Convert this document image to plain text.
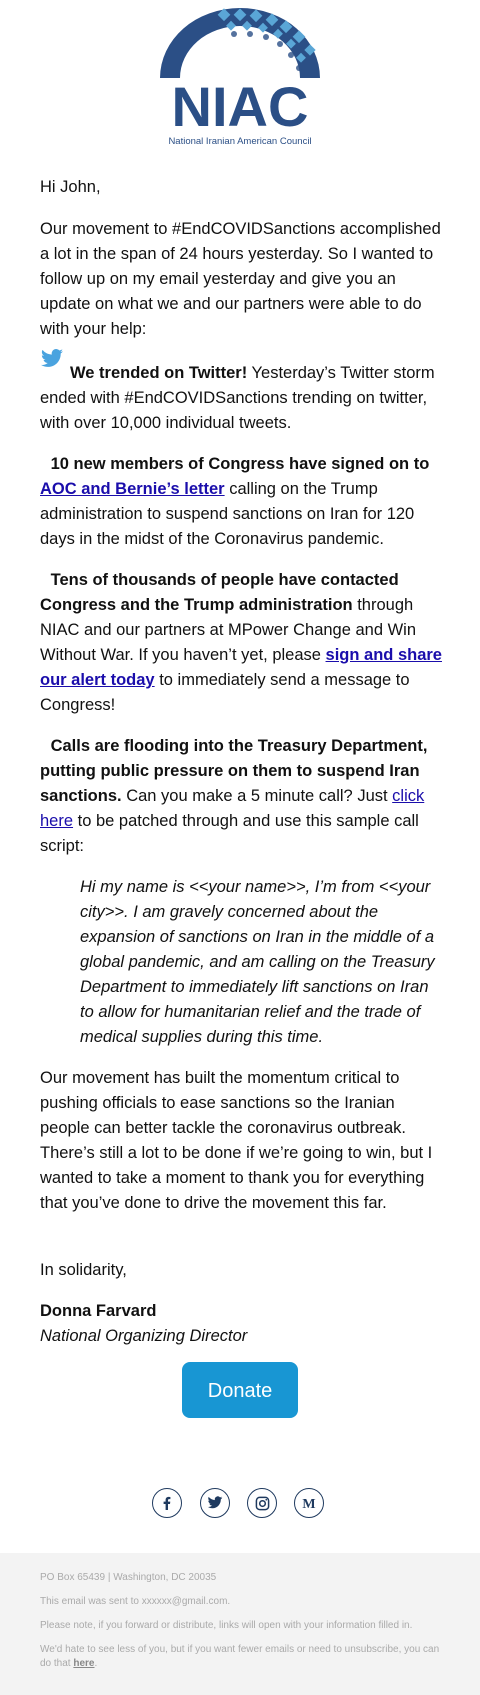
NIAC
National Iranian American Council

Hi John,

Our movement to #EndCOVIDSanctions accomplished a lot in the span of 24 hours yesterday. So I wanted to follow up on my email yesterday and give you an update on what we and our partners were able to do with your help:

We trended on Twitter! Yesterday’s Twitter storm ended with #EndCOVIDSanctions trending on twitter, with over 10,000 individual tweets.

10 new members of Congress have signed on to AOC and Bernie’s letter calling on the Trump administration to suspend sanctions on Iran for 120 days in the midst of the Coronavirus pandemic.

Tens of thousands of people have contacted Congress and the Trump administration through NIAC and our partners at MPower Change and Win Without War. If you haven’t yet, please sign and share our alert today to immediately send a message to Congress!

Calls are flooding into the Treasury Department, putting public pressure on them to suspend Iran sanctions. Can you make a 5 minute call? Just click here to be patched through and use this sample call script:

Hi my name is <<your name>>, I’m from <<your city>>. I am gravely concerned about the expansion of sanctions on Iran in the middle of a global pandemic, and am calling on the Treasury Department to immediately lift sanctions on Iran to allow for humanitarian relief and the trade of medical supplies during this time.

Our movement has built the momentum critical to pushing officials to ease sanctions so the Iranian people can better tackle the coronavirus outbreak. There’s still a lot to be done if we’re going to win, but I wanted to take a moment to thank you for everything that you’ve done to drive the movement this far.

In solidarity,

Donna Farvard

National Organizing Director

Donate
M
PO Box 65439 | Washington, DC 20035
This email was sent to xxxxxx@gmail.com.
Please note, if you forward or distribute, links will open with your information filled in.
We'd hate to see less of you, but if you want fewer emails or need to unsubscribe, you can do that here.
